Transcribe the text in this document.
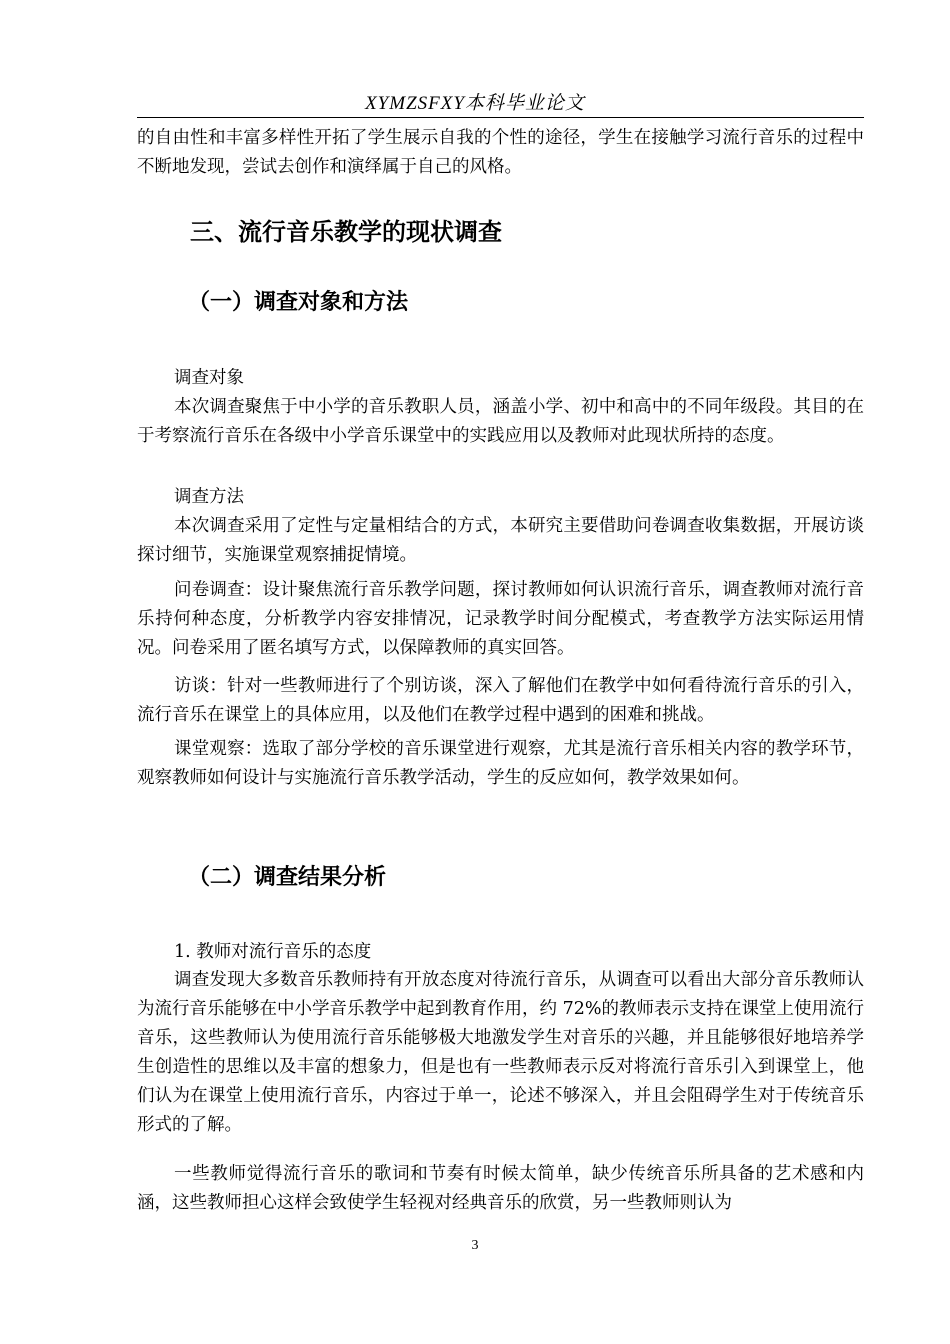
XYMZSFXY本科毕业论文

的自由性和丰富多样性开拓了学生展示自我的个性的途径，学生在接触学习流行音乐的过程中不断地发现，尝试去创作和演绎属于自己的风格。

三、流行音乐教学的现状调查
（一）调查对象和方法

调查对象

本次调查聚焦于中小学的音乐教职人员，涵盖小学、初中和高中的不同年级段。其目的在于考察流行音乐在各级中小学音乐课堂中的实践应用以及教师对此现状所持的态度。

调查方法

本次调查采用了定性与定量相结合的方式，本研究主要借助问卷调查收集数据，开展访谈探讨细节，实施课堂观察捕捉情境。

问卷调查：设计聚焦流行音乐教学问题，探讨教师如何认识流行音乐，调查教师对流行音乐持何种态度，分析教学内容安排情况，记录教学时间分配模式，考查教学方法实际运用情况。问卷采用了匿名填写方式，以保障教师的真实回答。

访谈：针对一些教师进行了个别访谈，深入了解他们在教学中如何看待流行音乐的引入，流行音乐在课堂上的具体应用，以及他们在教学过程中遇到的困难和挑战。

课堂观察：选取了部分学校的音乐课堂进行观察，尤其是流行音乐相关内容的教学环节，观察教师如何设计与实施流行音乐教学活动，学生的反应如何，教学效果如何。

（二）调查结果分析

1. 教师对流行音乐的态度

调查发现大多数音乐教师持有开放态度对待流行音乐，从调查可以看出大部分音乐教师认为流行音乐能够在中小学音乐教学中起到教育作用，约 72%的教师表示支持在课堂上使用流行音乐，这些教师认为使用流行音乐能够极大地激发学生对音乐的兴趣，并且能够很好地培养学生创造性的思维以及丰富的想象力，但是也有一些教师表示反对将流行音乐引入到课堂上，他们认为在课堂上使用流行音乐，内容过于单一，论述不够深入，并且会阻碍学生对于传统音乐形式的了解。

一些教师觉得流行音乐的歌词和节奏有时候太简单，缺少传统音乐所具备的艺术感和内涵，这些教师担心这样会致使学生轻视对经典音乐的欣赏，另一些教师则认为

3
